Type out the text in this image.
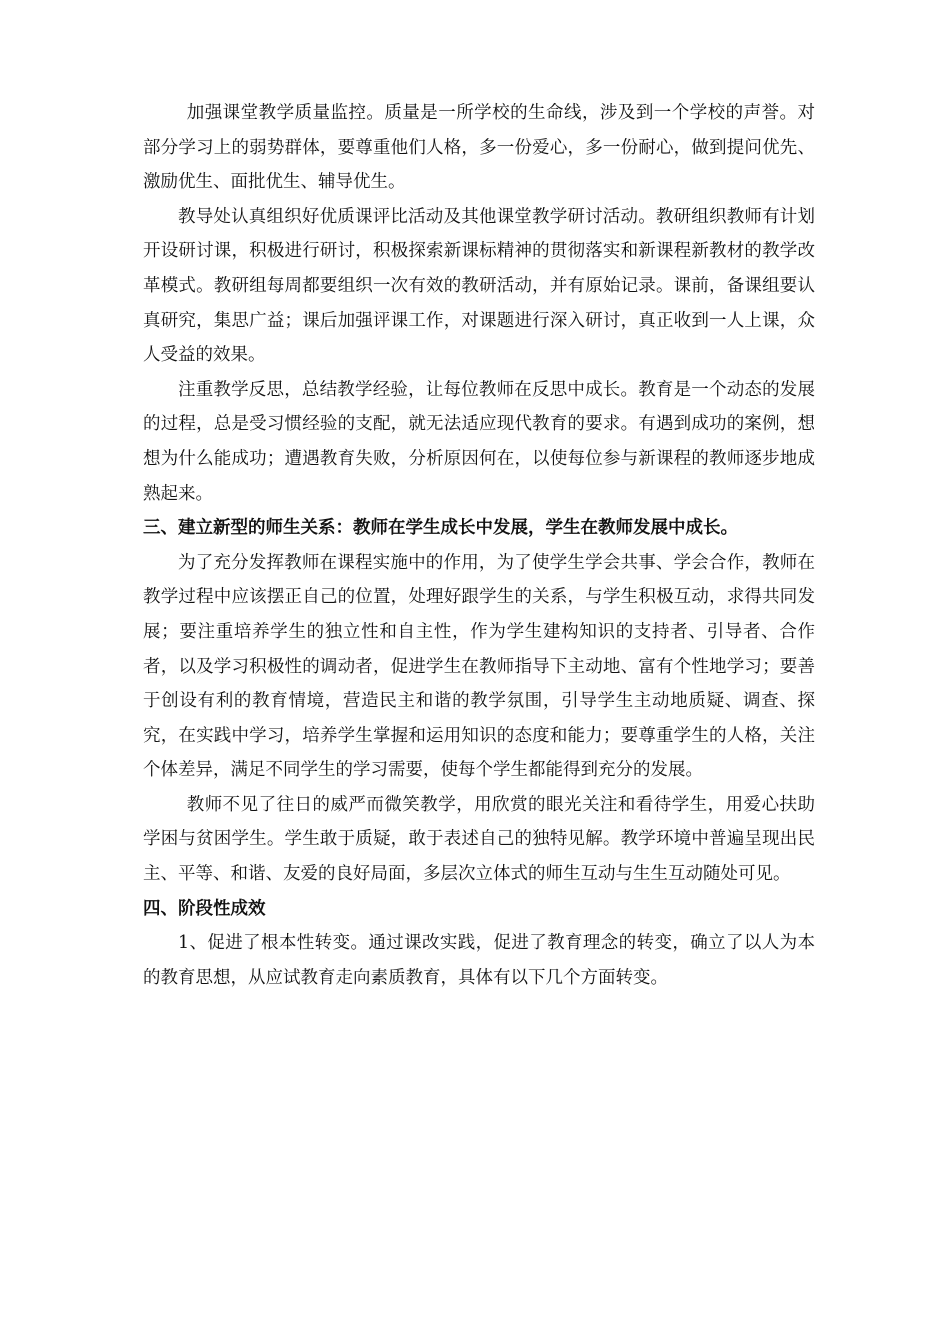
加强课堂教学质量监控。质量是一所学校的生命线，涉及到一个学校的声誉。对部分学习上的弱势群体，要尊重他们人格，多一份爱心，多一份耐心，做到提问优先、激励优生、面批优生、辅导优生。

教导处认真组织好优质课评比活动及其他课堂教学研讨活动。教研组织教师有计划开设研讨课，积极进行研讨，积极探索新课标精神的贯彻落实和新课程新教材的教学改革模式。教研组每周都要组织一次有效的教研活动，并有原始记录。课前，备课组要认真研究，集思广益；课后加强评课工作，对课题进行深入研讨，真正收到一人上课，众人受益的效果。

注重教学反思，总结教学经验，让每位教师在反思中成长。教育是一个动态的发展的过程，总是受习惯经验的支配，就无法适应现代教育的要求。有遇到成功的案例，想想为什么能成功；遭遇教育失败，分析原因何在，以使每位参与新课程的教师逐步地成熟起来。

三、建立新型的师生关系：教师在学生成长中发展，学生在教师发展中成长。

为了充分发挥教师在课程实施中的作用，为了使学生学会共事、学会合作，教师在教学过程中应该摆正自己的位置，处理好跟学生的关系，与学生积极互动，求得共同发展；要注重培养学生的独立性和自主性，作为学生建构知识的支持者、引导者、合作者，以及学习积极性的调动者，促进学生在教师指导下主动地、富有个性地学习；要善于创设有利的教育情境，营造民主和谐的教学氛围，引导学生主动地质疑、调查、探究，在实践中学习，培养学生掌握和运用知识的态度和能力；要尊重学生的人格，关注个体差异，满足不同学生的学习需要，使每个学生都能得到充分的发展。

教师不见了往日的威严而微笑教学，用欣赏的眼光关注和看待学生，用爱心扶助学困与贫困学生。学生敢于质疑，敢于表述自己的独特见解。教学环境中普遍呈现出民主、平等、和谐、友爱的良好局面，多层次立体式的师生互动与生生互动随处可见。

四、阶段性成效

1、促进了根本性转变。通过课改实践，促进了教育理念的转变，确立了以人为本的教育思想，从应试教育走向素质教育，具体有以下几个方面转变。
